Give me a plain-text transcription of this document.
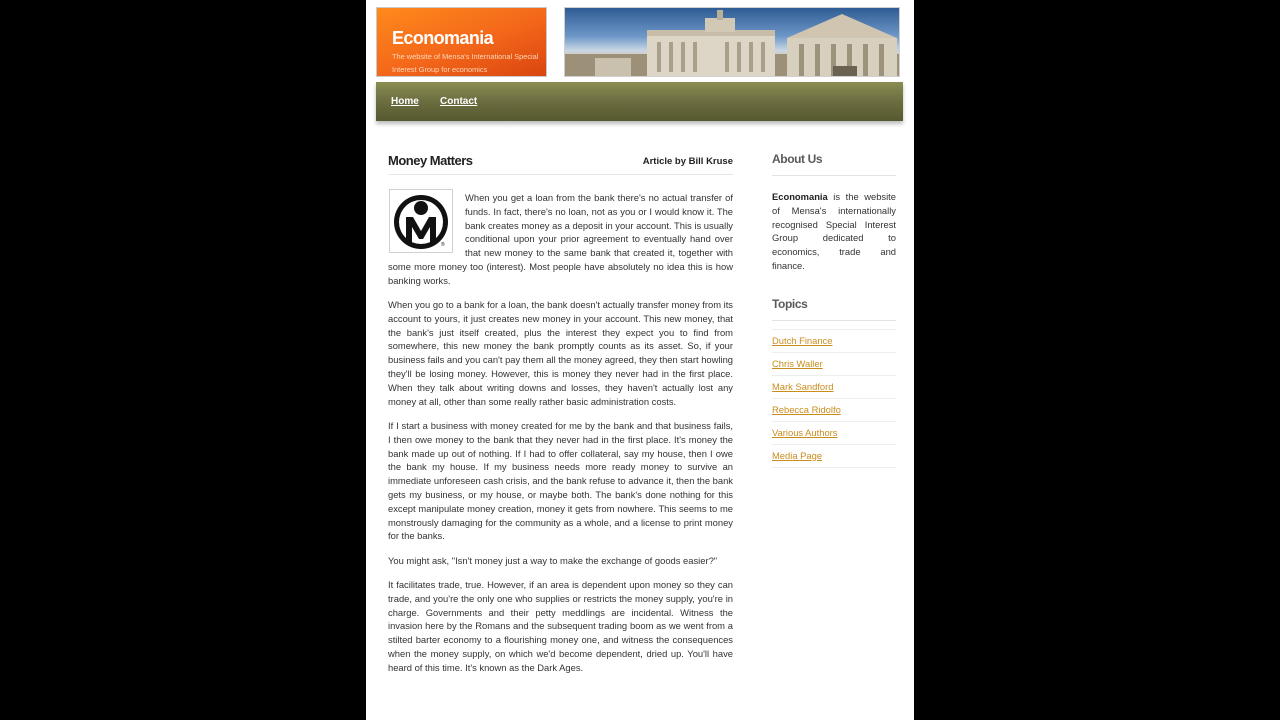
Economania
The website of Mensa's International Special Interest Group for economics
Home Contact
Money Matters	Article by Bill Kruse
®

When you get a loan from the bank there's no actual transfer of funds. In fact, there's no loan, not as you or I would know it. The bank creates money as a deposit in your account. This is usually conditional upon your prior agreement to eventually hand over that new money to the same bank that created it, together with some more money too (interest). Most people have absolutely no idea this is how banking works.

When you go to a bank for a loan, the bank doesn't actually transfer money from its account to yours, it just creates new money in your account. This new money, that the bank's just itself created, plus the interest they expect you to find from somewhere, this new money the bank promptly counts as its asset. So, if your business fails and you can't pay them all the money agreed, they then start howling they'll be losing money. However, this is money they never had in the first place. When they talk about writing downs and losses, they haven't actually lost any money at all, other than some really rather basic administration costs.

If I start a business with money created for me by the bank and that business fails, I then owe money to the bank that they never had in the first place. It's money the bank made up out of nothing. If I had to offer collateral, say my house, then I owe the bank my house. If my business needs more ready money to survive an immediate unforeseen cash crisis, and the bank refuse to advance it, then the bank gets my business, or my house, or maybe both. The bank's done nothing for this except manipulate money creation, money it gets from nowhere. This seems to me monstrously damaging for the community as a whole, and a license to print money for the banks.

You might ask, "Isn't money just a way to make the exchange of goods easier?"

It facilitates trade, true. However, if an area is dependent upon money so they can trade, and you're the only one who supplies or restricts the money supply, you're in charge. Governments and their petty meddlings are incidental. Witness the invasion here by the Romans and the subsequent trading boom as we went from a stilted barter economy to a flourishing money one, and witness the consequences when the money supply, on which we'd become dependent, dried up. You'll have heard of this time. It's known as the Dark Ages.

About Us
Economania is the website of Mensa's internationally recognised Special Interest Group dedicated to economics, trade and finance.
Topics
Dutch Finance
Chris Waller
Mark Sandford
Rebecca Ridolfo
Various Authors
Media Page
